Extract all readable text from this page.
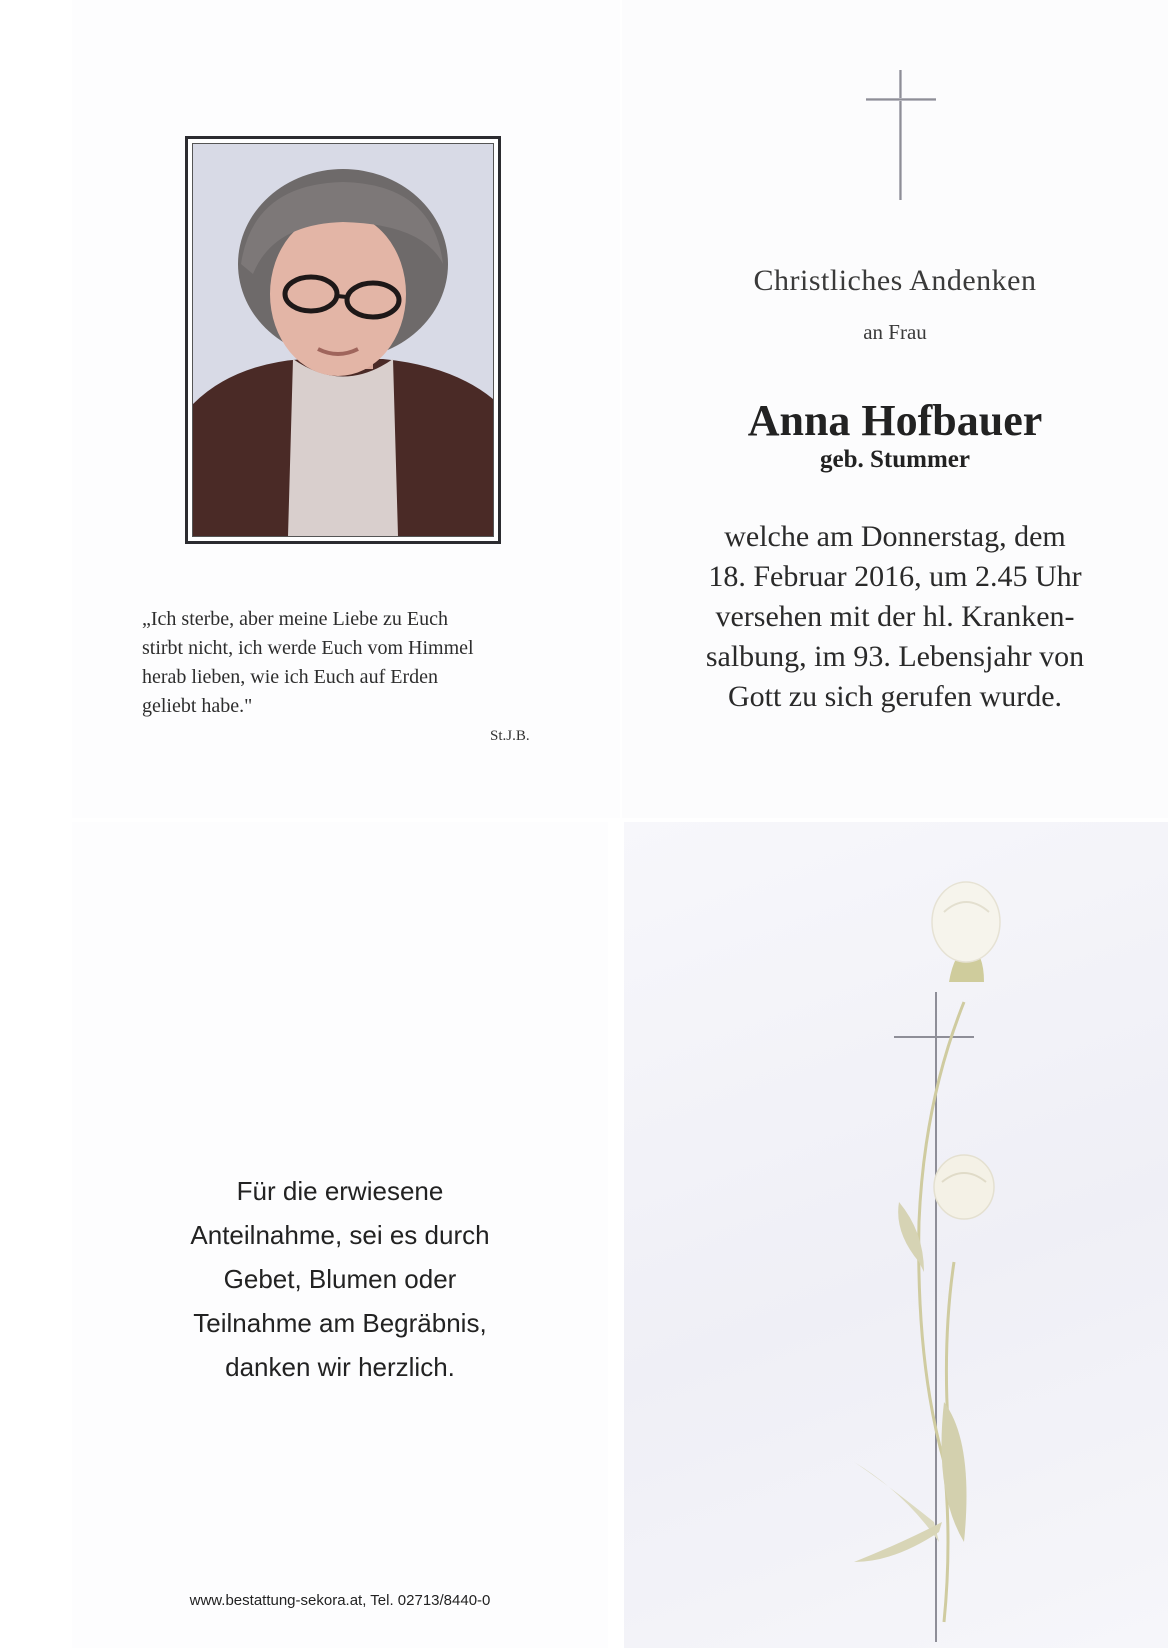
„Ich sterbe, aber meine Liebe zu Euch
stirbt nicht, ich werde Euch vom Himmel
herab lieben, wie ich Euch auf Erden
geliebt habe."
St.J.B.
Christliches Andenken
an Frau
Anna Hofbauer
geb. Stummer
welche am Donnerstag, dem
18. Februar 2016, um 2.45 Uhr
versehen mit der hl. Kranken-
salbung, im 93. Lebensjahr von
Gott zu sich gerufen wurde.
Für die erwiesene
Anteilnahme, sei es durch
Gebet, Blumen oder
Teilnahme am Begräbnis,
danken wir herzlich.
www.bestattung-sekora.at, Tel. 02713/8440-0
